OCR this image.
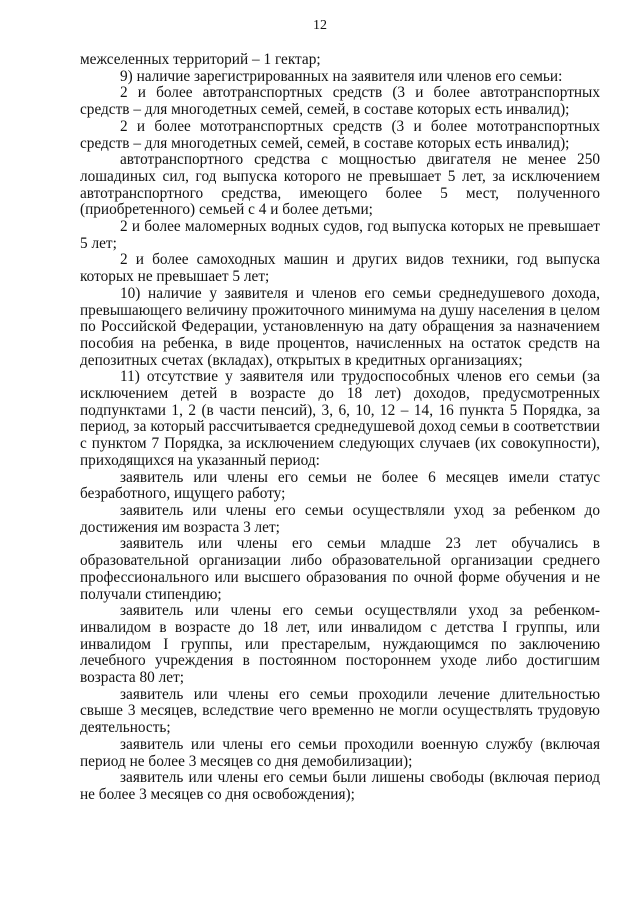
12

межселенных территорий – 1 гектар;

9) наличие зарегистрированных на заявителя или членов его семьи:

2 и более автотранспортных средств (3 и более автотранспортных средств – для многодетных семей, семей, в составе которых есть инвалид);

2 и более мототранспортных средств (3 и более мототранспортных средств – для многодетных семей, семей, в составе которых есть инвалид);

автотранспортного средства с мощностью двигателя не менее 250 лошадиных сил, год выпуска которого не превышает 5 лет, за исключением автотранспортного средства, имеющего более 5 мест, полученного (приобретенного) семьей с 4 и более детьми;

2 и более маломерных водных судов, год выпуска которых не превышает 5 лет;

2 и более самоходных машин и других видов техники, год выпуска которых не превышает 5 лет;

10) наличие у заявителя и членов его семьи среднедушевого дохода, превышающего величину прожиточного минимума на душу населения в целом по Российской Федерации, установленную на дату обращения за назначением пособия на ребенка, в виде процентов, начисленных на остаток средств на депозитных счетах (вкладах), открытых в кредитных организациях;

11) отсутствие у заявителя или трудоспособных членов его семьи (за исключением детей в возрасте до 18 лет) доходов, предусмотренных подпунктами 1, 2 (в части пенсий), 3, 6, 10, 12 – 14, 16 пункта 5 Порядка, за период, за который рассчитывается среднедушевой доход семьи в соответствии с пунктом 7 Порядка, за исключением следующих случаев (их совокупности), приходящихся на указанный период:

заявитель или члены его семьи не более 6 месяцев имели статус безработного, ищущего работу;

заявитель или члены его семьи осуществляли уход за ребенком до достижения им возраста 3 лет;

заявитель или члены его семьи младше 23 лет обучались в образовательной организации либо образовательной организации среднего профессионального или высшего образования по очной форме обучения и не получали стипендию;

заявитель или члены его семьи осуществляли уход за ребенком-инвалидом в возрасте до 18 лет, или инвалидом с детства I группы, или инвалидом I группы, или престарелым, нуждающимся по заключению лечебного учреждения в постоянном постороннем уходе либо достигшим возраста 80 лет;

заявитель или члены его семьи проходили лечение длительностью свыше 3 месяцев, вследствие чего временно не могли осуществлять трудовую деятельность;

заявитель или члены его семьи проходили военную службу (включая период не более 3 месяцев со дня демобилизации);

заявитель или члены его семьи были лишены свободы (включая период не более 3 месяцев со дня освобождения);
